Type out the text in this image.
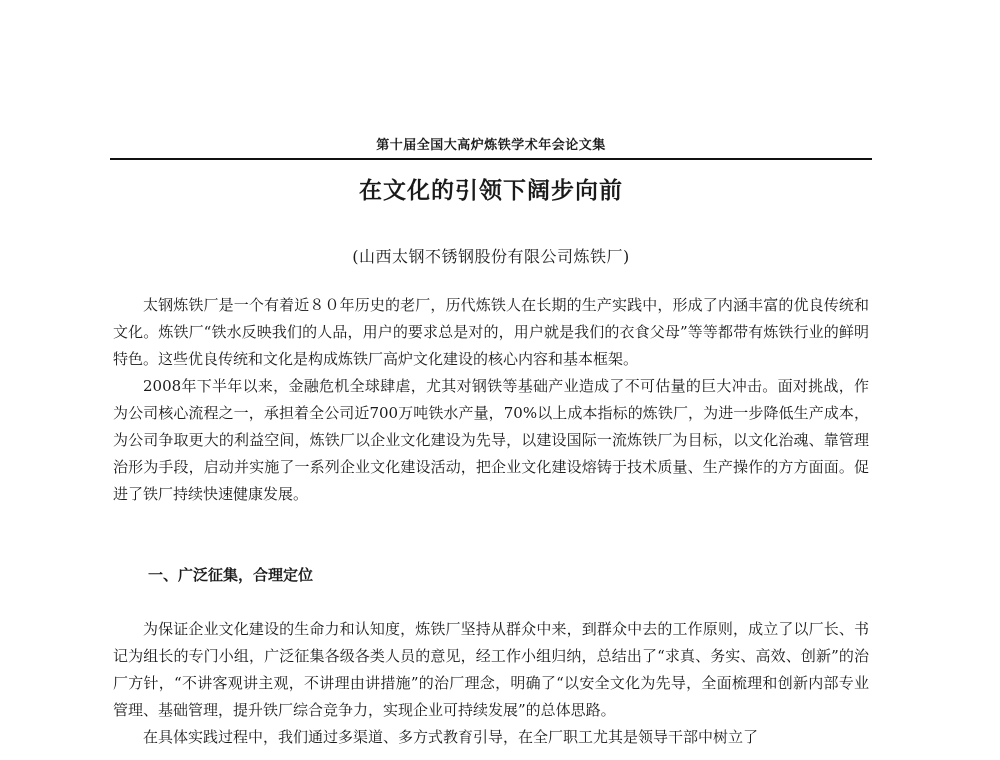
第十届全国大高炉炼铁学术年会论文集
在文化的引领下阔步向前
(山西太钢不锈钢股份有限公司炼铁厂)

太钢炼铁厂是一个有着近８０年历史的老厂，历代炼铁人在长期的生产实践中，形成了内涵丰富的优良传统和文化。炼铁厂“铁水反映我们的人品，用户的要求总是对的，用户就是我们的衣食父母”等等都带有炼铁行业的鲜明特色。这些优良传统和文化是构成炼铁厂高炉文化建设的核心内容和基本框架。

2008年下半年以来，金融危机全球肆虐，尤其对钢铁等基础产业造成了不可估量的巨大冲击。面对挑战，作为公司核心流程之一，承担着全公司近700万吨铁水产量，70%以上成本指标的炼铁厂，为进一步降低生产成本，为公司争取更大的利益空间，炼铁厂以企业文化建设为先导，以建设国际一流炼铁厂为目标，以文化治魂、靠管理治形为手段，启动并实施了一系列企业文化建设活动，把企业文化建设熔铸于技术质量、生产操作的方方面面。促进了铁厂持续快速健康发展。

一、广泛征集，合理定位

为保证企业文化建设的生命力和认知度，炼铁厂坚持从群众中来，到群众中去的工作原则，成立了以厂长、书记为组长的专门小组，广泛征集各级各类人员的意见，经工作小组归纳，总结出了“求真、务实、高效、创新”的治厂方针，“不讲客观讲主观，不讲理由讲措施”的治厂理念，明确了“以安全文化为先导，全面梳理和创新内部专业管理、基础管理，提升铁厂综合竞争力，实现企业可持续发展”的总体思路。

在具体实践过程中，我们通过多渠道、多方式教育引导，在全厂职工尤其是领导干部中树立了
